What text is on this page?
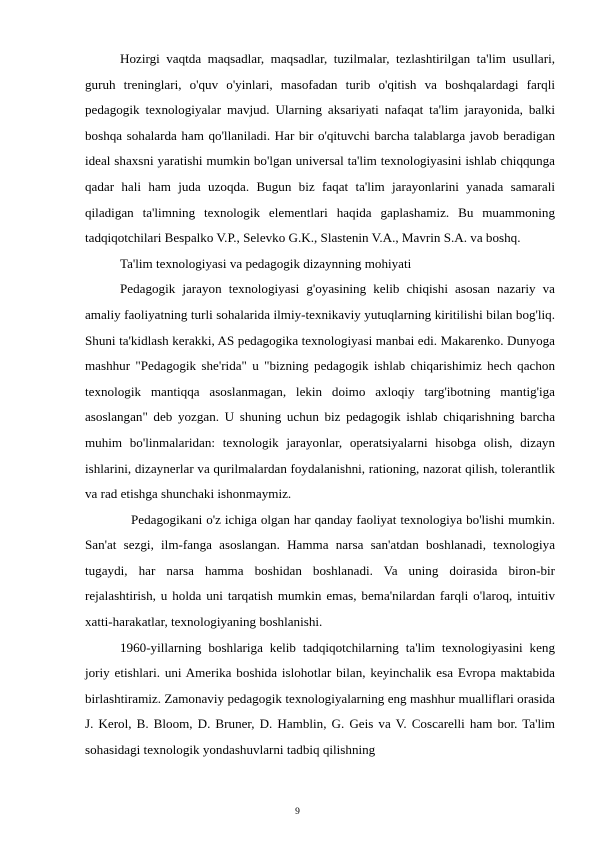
Hozirgi vaqtda maqsadlar, maqsadlar, tuzilmalar, tezlashtirilgan ta'lim usullari, guruh treninglari, o'quv o'yinlari, masofadan turib o'qitish va boshqalardagi farqli pedagogik texnologiyalar mavjud. Ularning aksariyati nafaqat ta'lim jarayonida, balki boshqa sohalarda ham qo'llaniladi. Har bir o'qituvchi barcha talablarga javob beradigan ideal shaxsni yaratishi mumkin bo'lgan universal ta'lim texnologiyasini ishlab chiqqunga qadar hali ham juda uzoqda. Bugun biz faqat ta'lim jarayonlarini yanada samarali qiladigan ta'limning texnologik elementlari haqida gaplashamiz. Bu muammoning tadqiqotchilari Bespalko V.P., Selevko G.K., Slastenin V.A., Mavrin S.A. va boshq.

Ta'lim texnologiyasi va pedagogik dizaynning mohiyati

Pedagogik jarayon texnologiyasi g'oyasining kelib chiqishi asosan nazariy va amaliy faoliyatning turli sohalarida ilmiy-texnikaviy yutuqlarning kiritilishi bilan bog'liq. Shuni ta'kidlash kerakki, AS pedagogika texnologiyasi manbai edi. Makarenko. Dunyoga mashhur "Pedagogik she'rida" u "bizning pedagogik ishlab chiqarishimiz hech qachon texnologik mantiqqa asoslanmagan, lekin doimo axloqiy targ'ibotning mantig'iga asoslangan" deb yozgan. U shuning uchun biz pedagogik ishlab chiqarishning barcha muhim bo'linmalaridan: texnologik jarayonlar, operatsiyalarni hisobga olish, dizayn ishlarini, dizaynerlar va qurilmalardan foydalanishni, rationing, nazorat qilish, tolerantlik va rad etishga shunchaki ishonmaymiz.

Pedagogikani o'z ichiga olgan har qanday faoliyat texnologiya bo'lishi mumkin. San'at sezgi, ilm-fanga asoslangan. Hamma narsa san'atdan boshlanadi, texnologiya tugaydi, har narsa hamma boshidan boshlanadi. Va uning doirasida biron-bir rejalashtirish, u holda uni tarqatish mumkin emas, bema'nilardan farqli o'laroq, intuitiv xatti-harakatlar, texnologiyaning boshlanishi.

1960-yillarning boshlariga kelib tadqiqotchilarning ta'lim texnologiyasini keng joriy etishlari. uni Amerika boshida islohotlar bilan, keyinchalik esa Evropa maktabida birlashtiramiz. Zamonaviy pedagogik texnologiyalarning eng mashhur mualliflari orasida J. Kerol, B. Bloom, D. Bruner, D. Hamblin, G. Geis va V. Coscarelli ham bor. Ta'lim sohasidagi texnologik yondashuvlarni tadbiq qilishning

9
